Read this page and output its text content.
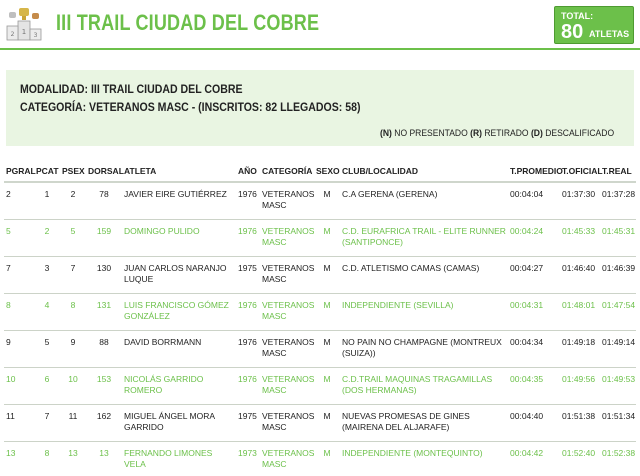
1
2	3
III TRAIL CIUDAD DEL COBRE	TOTAL:
80 ATLETAS
MODALIDAD: III TRAIL CIUDAD DEL COBRE
CATEGORÍA: VETERANOS MASC - (INSCRITOS: 82 LLEGADOS: 58)
(N) NO PRESENTADO (R) RETIRADO (D) DESCALIFICADO
PGRAL	PCAT	PSEX	DORSAL	ATLETA	AÑO	CATEGORÍA	SEXO	CLUB/LOCALIDAD	T.PROMEDIO	T.OFICIAL	T.REAL
2	1	2	78	JAVIER EIRE GUTIÉRREZ	1976	VETERANOS MASC	M	C.A GERENA (GERENA)	00:04:04	01:37:30	01:37:28
5	2	5	159	DOMINGO PULIDO	1976	VETERANOS MASC	M	C.D. EURAFRICA TRAIL - ELITE RUNNER (SANTIPONCE)	00:04:24	01:45:33	01:45:31
7	3	7	130	JUAN CARLOS NARANJO LUQUE	1975	VETERANOS MASC	M	C.D. ATLETISMO CAMAS (CAMAS)	00:04:27	01:46:40	01:46:39
8	4	8	131	LUIS FRANCISCO GÓMEZ GONZÁLEZ	1976	VETERANOS MASC	M	INDEPENDIENTE (SEVILLA)	00:04:31	01:48:01	01:47:54
9	5	9	88	DAVID BORRMANN	1976	VETERANOS MASC	M	NO PAIN NO CHAMPAGNE (MONTREUX (SUIZA))	00:04:34	01:49:18	01:49:14
10	6	10	153	NICOLÁS GARRIDO ROMERO	1976	VETERANOS MASC	M	C.D.TRAIL MAQUINAS TRAGAMILLAS (DOS HERMANAS)	00:04:35	01:49:56	01:49:53
11	7	11	162	MIGUEL ÁNGEL MORA GARRIDO	1975	VETERANOS MASC	M	NUEVAS PROMESAS DE GINES (MAIRENA DEL ALJARAFE)	00:04:40	01:51:38	01:51:34
13	8	13	13	FERNANDO LIMONES VELA	1973	VETERANOS MASC	M	INDEPENDIENTE (MONTEQUINTO)	00:04:42	01:52:40	01:52:38
